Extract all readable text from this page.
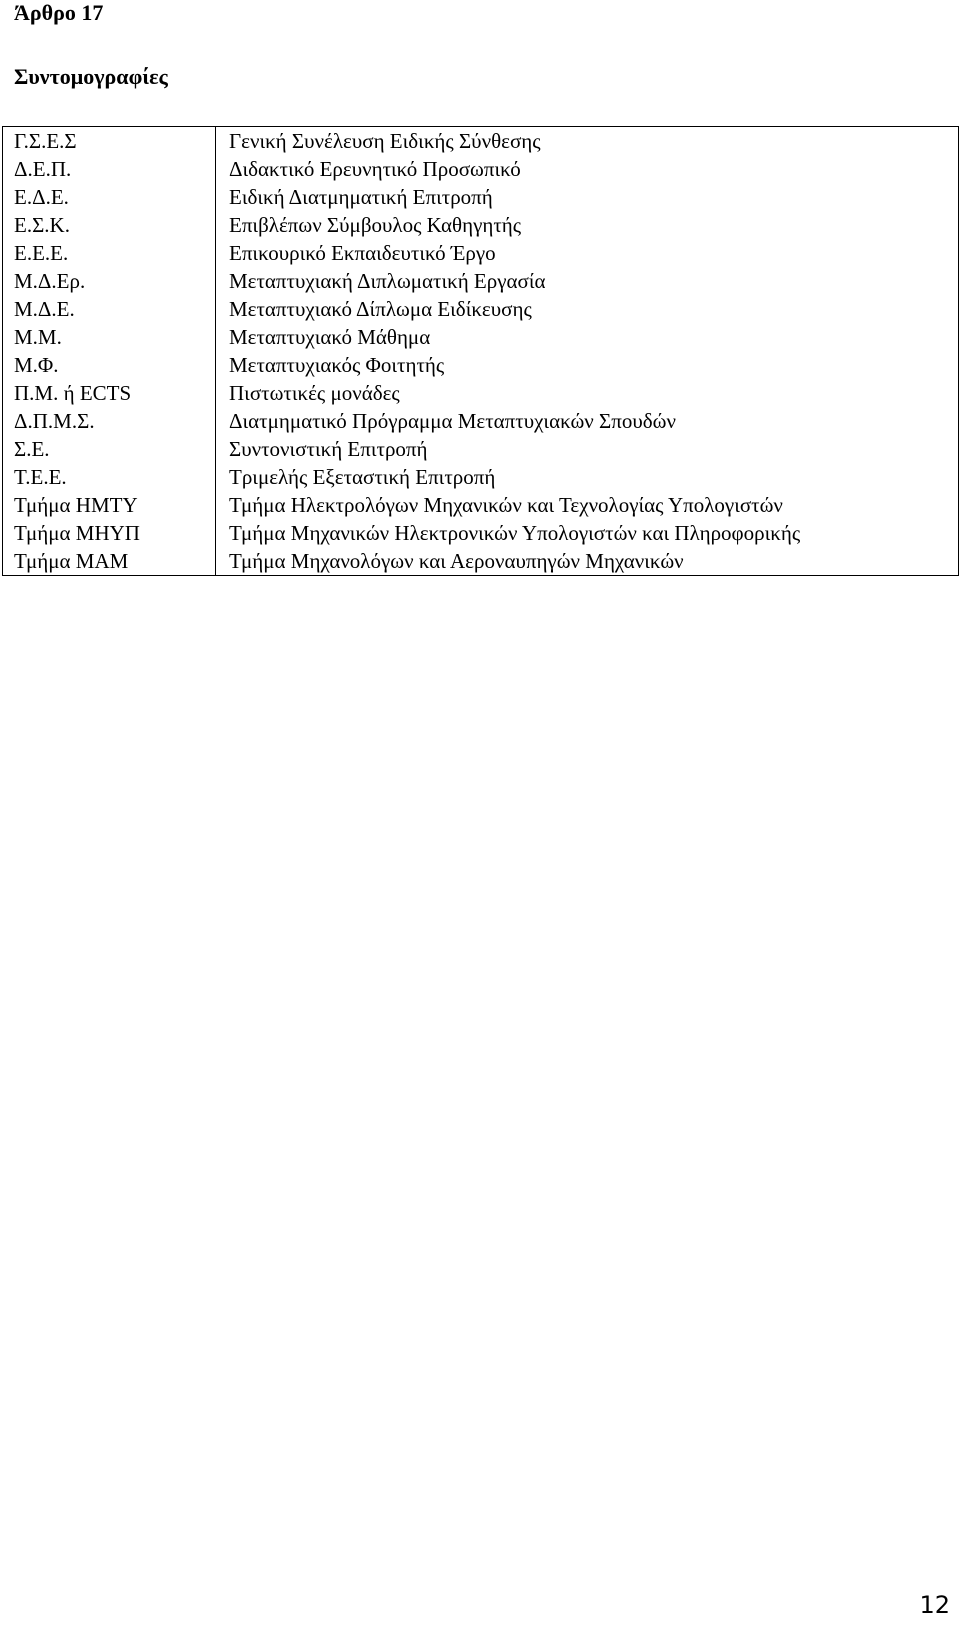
Άρθρο 17
Συντομογραφίες
Γ.Σ.Ε.Σ	Γενική Συνέλευση Ειδικής Σύνθεσης
Δ.Ε.Π.	Διδακτικό Ερευνητικό Προσωπικό
Ε.Δ.Ε.	Ειδική Διατμηματική Επιτροπή
Ε.Σ.Κ.	Επιβλέπων Σύμβουλος Καθηγητής
Ε.Ε.Ε.	Επικουρικό Εκπαιδευτικό Έργο
Μ.Δ.Ερ.	Μεταπτυχιακή Διπλωματική Εργασία
Μ.Δ.Ε.	Μεταπτυχιακό Δίπλωμα Ειδίκευσης
Μ.Μ.	Μεταπτυχιακό Μάθημα
Μ.Φ.	Μεταπτυχιακός Φοιτητής
Π.Μ. ή ECTS	Πιστωτικές μονάδες
Δ.Π.Μ.Σ.	Διατμηματικό Πρόγραμμα Μεταπτυχιακών Σπουδών
Σ.Ε.	Συντονιστική Επιτροπή
Τ.Ε.Ε.	Τριμελής Εξεταστική Επιτροπή
Τμήμα ΗΜΤΥ	Τμήμα Ηλεκτρολόγων Μηχανικών και Τεχνολογίας Υπολογιστών
Τμήμα ΜΗΥΠ	Τμήμα Μηχανικών Ηλεκτρονικών Υπολογιστών και Πληροφορικής
Τμήμα ΜΑΜ	Τμήμα Μηχανολόγων και Αεροναυπηγών Μηχανικών

12
